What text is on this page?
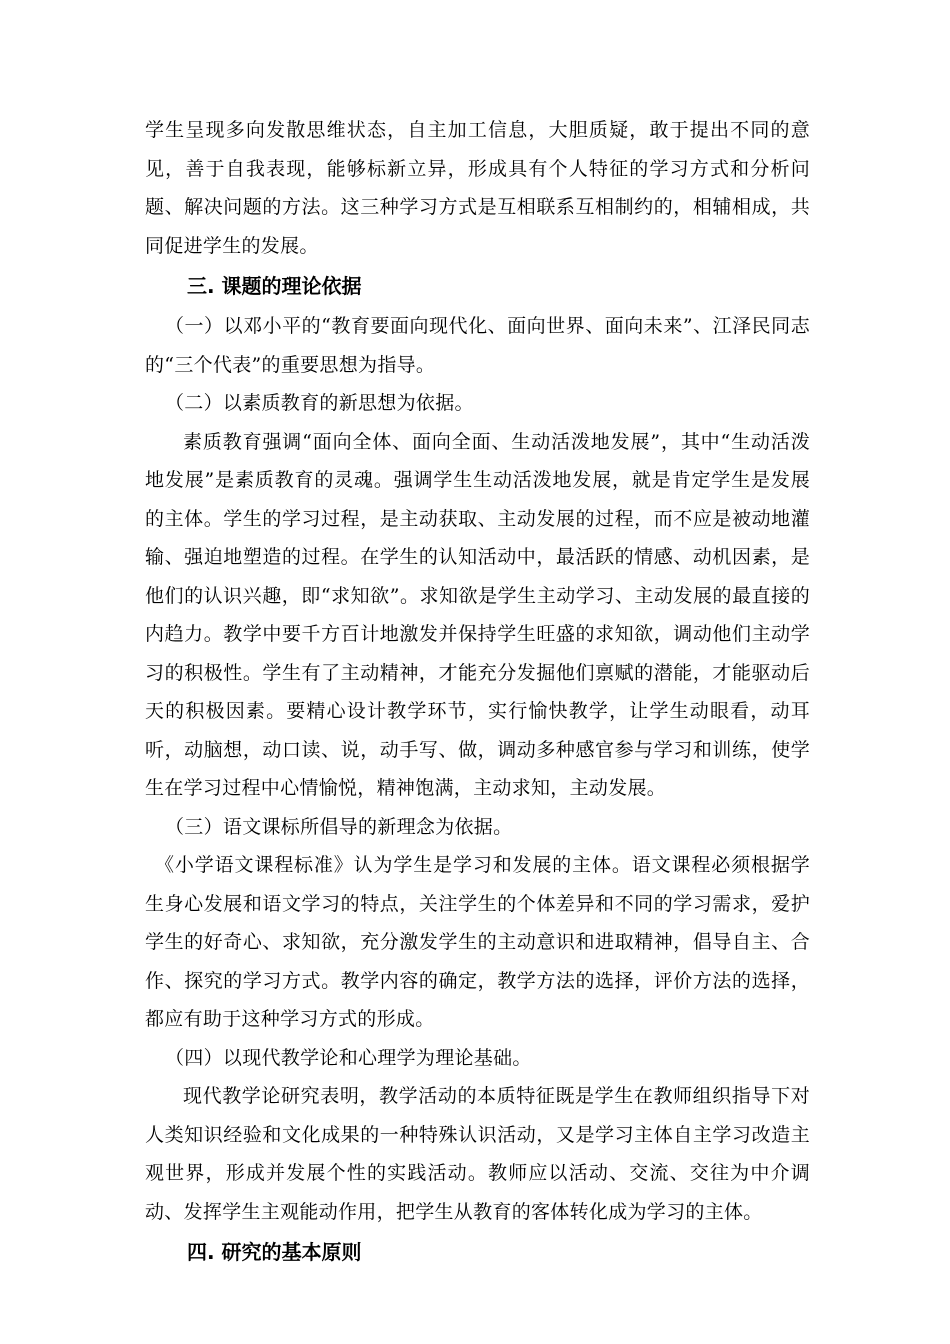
学生呈现多向发散思维状态，自主加工信息，大胆质疑，敢于提出不同的意见，善于自我表现，能够标新立异，形成具有个人特征的学习方式和分析问题、解决问题的方法。这三种学习方式是互相联系互相制约的，相辅相成，共同促进学生的发展。

三. 课题的理论依据

（一）以邓小平的“教育要面向现代化、面向世界、面向未来”、江泽民同志的“三个代表”的重要思想为指导。

（二）以素质教育的新思想为依据。

素质教育强调“面向全体、面向全面、生动活泼地发展”，其中“生动活泼地发展”是素质教育的灵魂。强调学生生动活泼地发展，就是肯定学生是发展的主体。学生的学习过程，是主动获取、主动发展的过程，而不应是被动地灌输、强迫地塑造的过程。在学生的认知活动中，最活跃的情感、动机因素，是他们的认识兴趣，即“求知欲”。求知欲是学生主动学习、主动发展的最直接的内趋力。教学中要千方百计地激发并保持学生旺盛的求知欲，调动他们主动学习的积极性。学生有了主动精神，才能充分发掘他们禀赋的潜能，才能驱动后天的积极因素。要精心设计教学环节，实行愉快教学，让学生动眼看，动耳听，动脑想，动口读、说，动手写、做，调动多种感官参与学习和训练，使学生在学习过程中心情愉悦，精神饱满，主动求知，主动发展。

（三）语文课标所倡导的新理念为依据。

《小学语文课程标准》认为学生是学习和发展的主体。语文课程必须根据学生身心发展和语文学习的特点，关注学生的个体差异和不同的学习需求，爱护学生的好奇心、求知欲，充分激发学生的主动意识和进取精神，倡导自主、合作、探究的学习方式。教学内容的确定，教学方法的选择，评价方法的选择，都应有助于这种学习方式的形成。

（四）以现代教学论和心理学为理论基础。

现代教学论研究表明，教学活动的本质特征既是学生在教师组织指导下对人类知识经验和文化成果的一种特殊认识活动，又是学习主体自主学习改造主观世界，形成并发展个性的实践活动。教师应以活动、交流、交往为中介调动、发挥学生主观能动作用，把学生从教育的客体转化成为学习的主体。

四. 研究的基本原则
